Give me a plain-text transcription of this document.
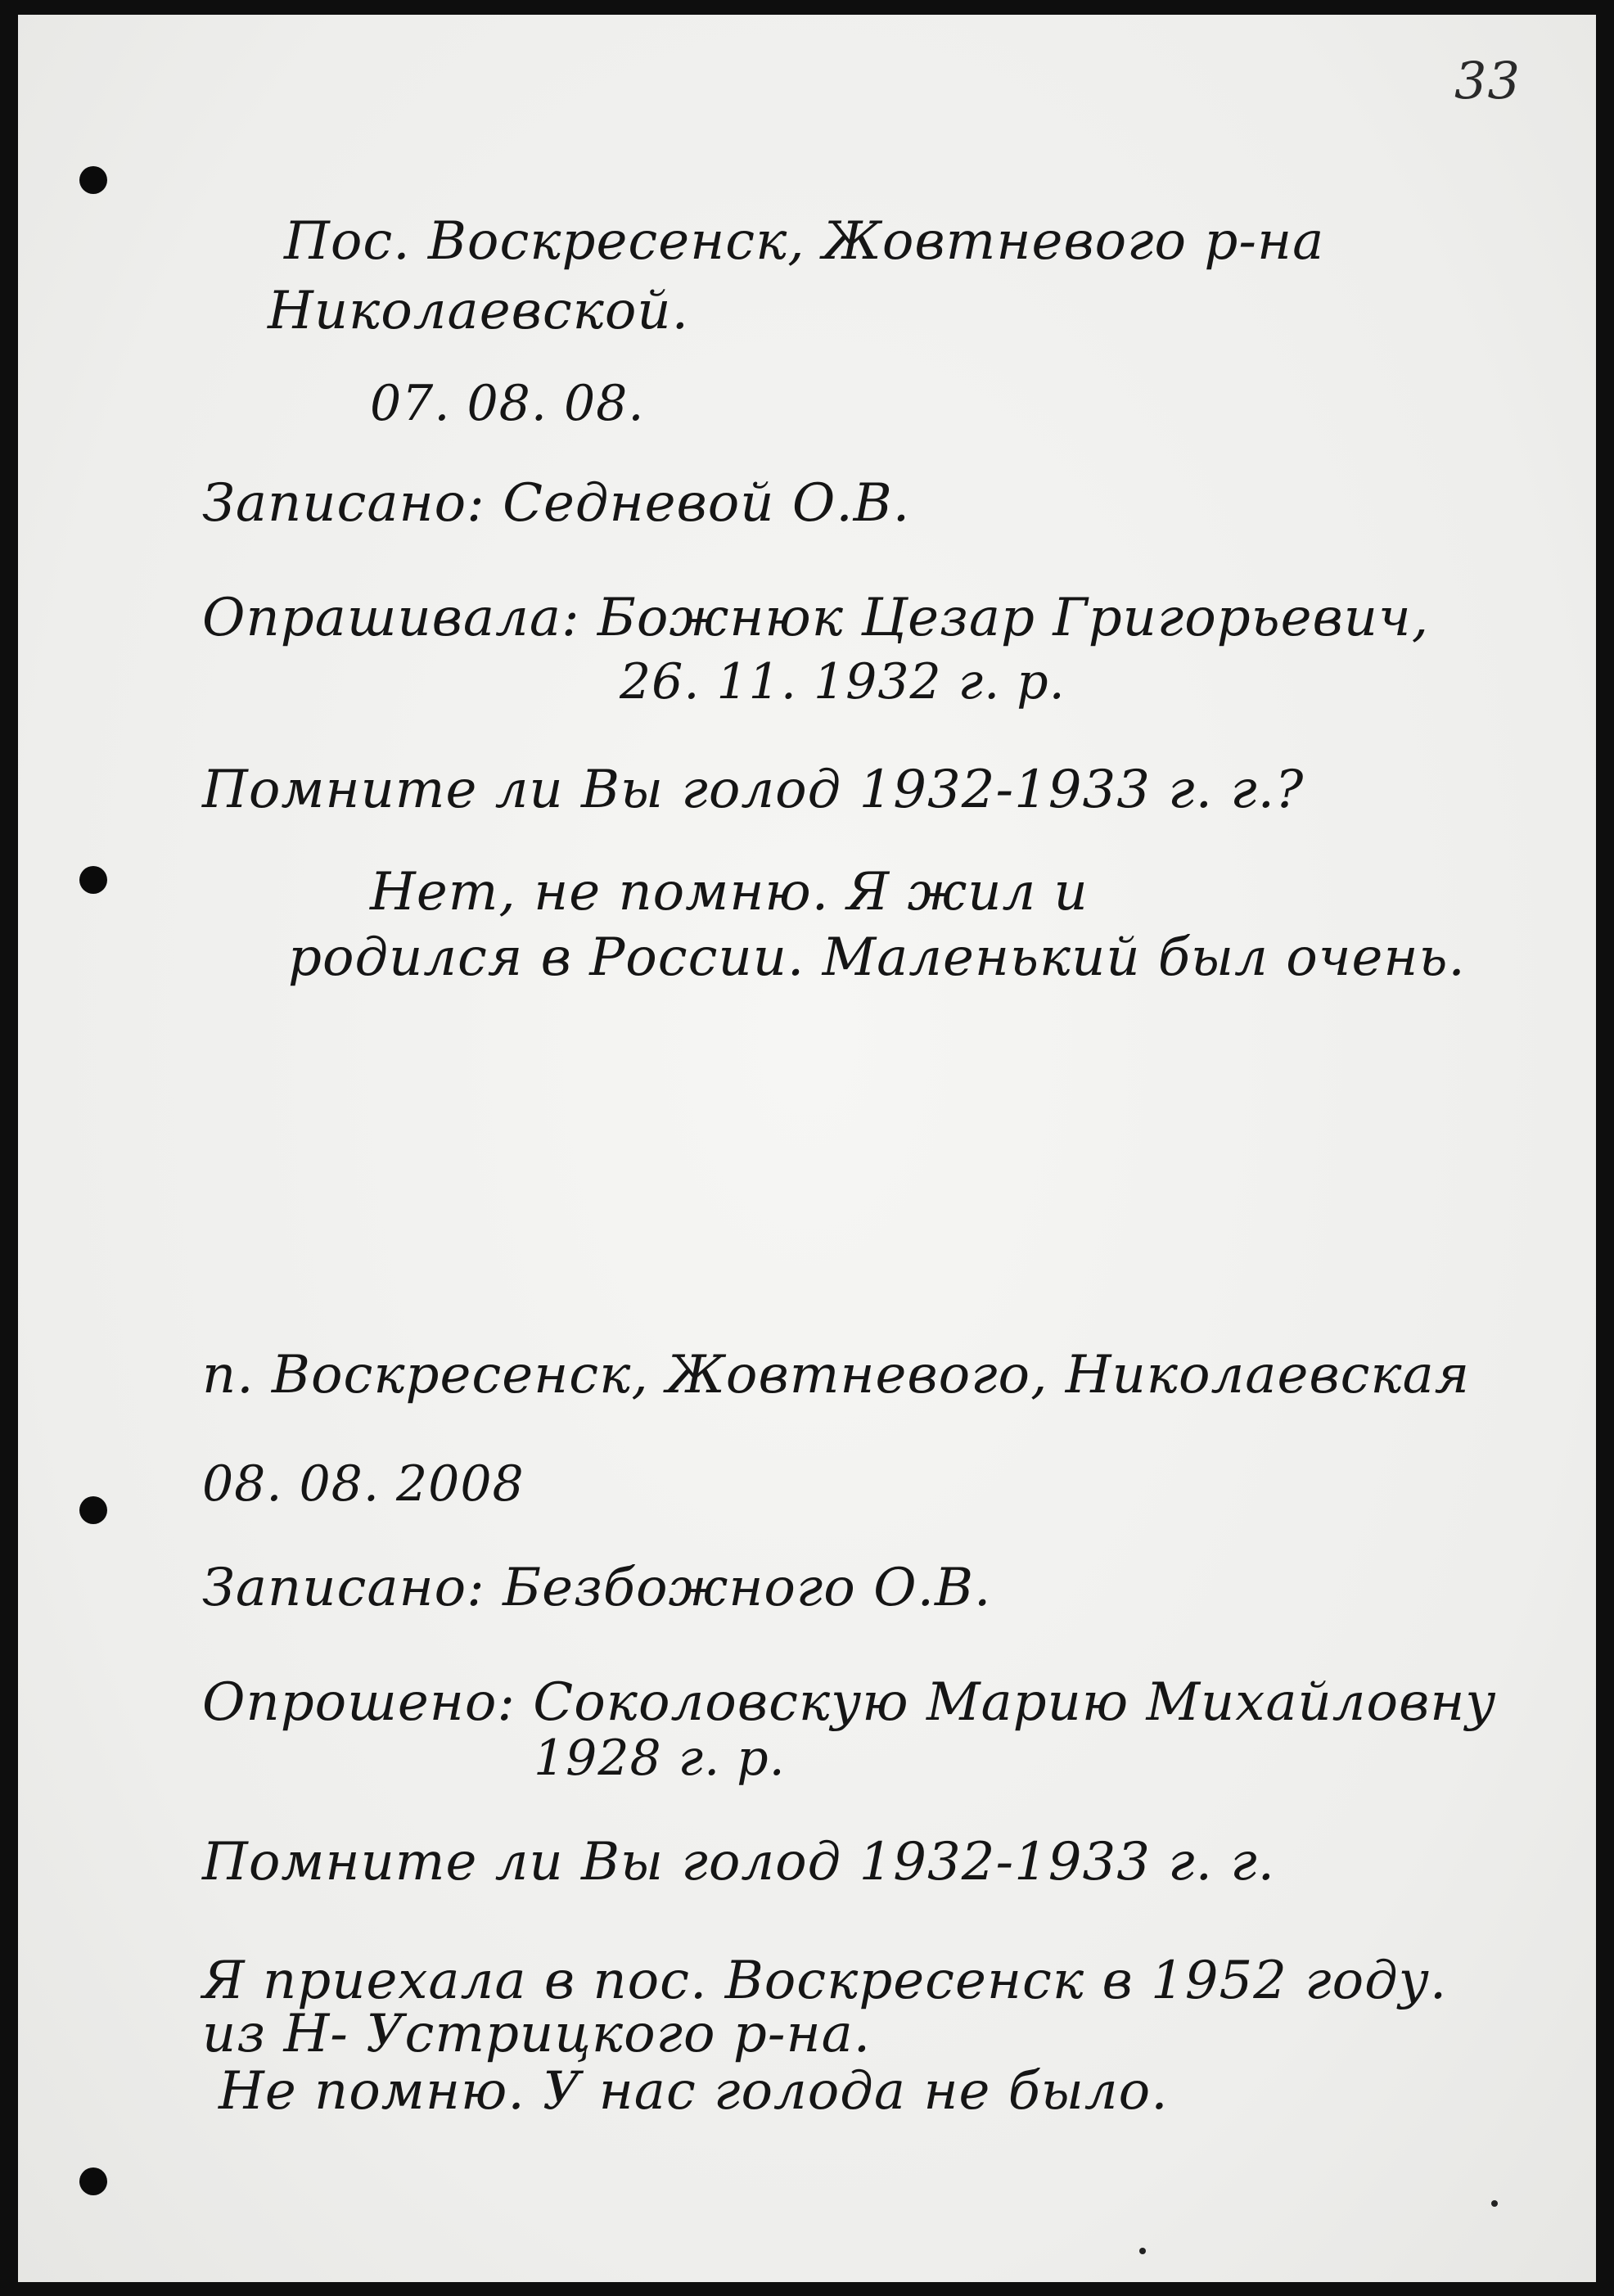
33

Пос. Воскресенск, Жовтневого р-на

Николаевской.

07. 08. 08.

Записано: Седневой О.В.

Опрашивала: Божнюк Цезар Григорьевич,

26. 11. 1932 г. р.

Помните ли Вы голод 1932-1933 г. г.?

Нет, не помню. Я жил и

родился в России. Маленький был очень.

п. Воскресенск, Жовтневого, Николаевская

08. 08. 2008

Записано: Безбожного О.В.

Опрошено: Соколовскую Марию Михайловну

1928 г. р.

Помните ли Вы голод 1932-1933 г. г.

Я приехала в пос. Воскресенск в 1952 году.

из Н- Устрицкого р-на.

Не помню. У нас голода не было.
